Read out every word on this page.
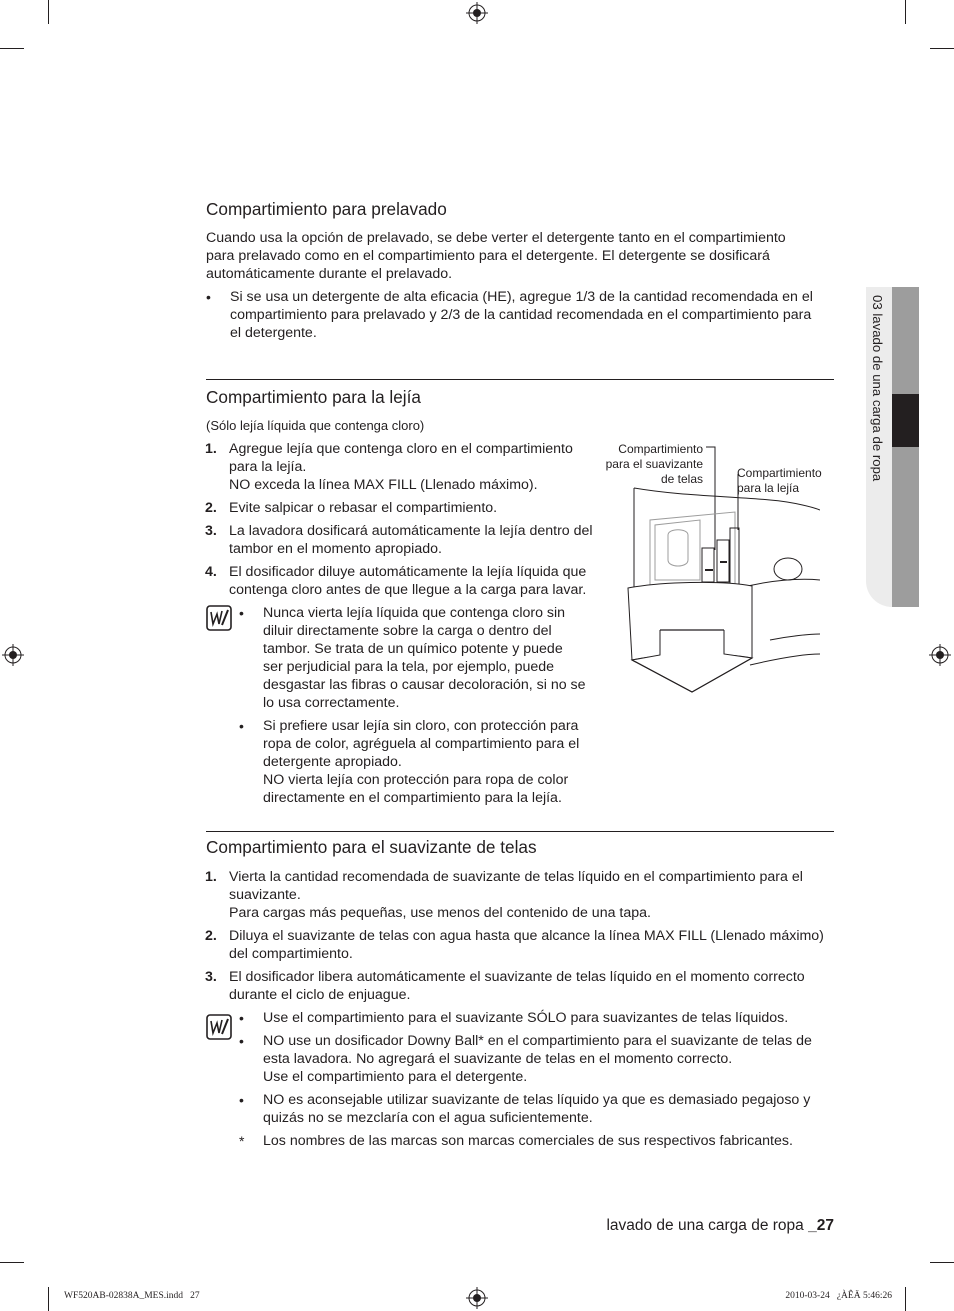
03 lavado de una carga de ropa
Compartimiento para prelavado
Cuando usa la opción de prelavado, se debe verter el detergente tanto en el compartimiento
para prelavado como en el compartimiento para el detergente. El detergente se dosificará
automáticamente durante el prelavado.
• Si se usa un detergente de alta eficacia (HE), agregue 1/3 de la cantidad recomendada en el
compartimiento para prelavado y 2/3 de la cantidad recomendada en el compartimiento para
el detergente.
Compartimiento para la lejía
(Sólo lejía líquida que contenga cloro)
1. Agregue lejía que contenga cloro en el compartimiento
para la lejía.
NO exceda la línea MAX FILL (Llenado máximo).
2. Evite salpicar o rebasar el compartimiento.
3. La lavadora dosificará automáticamente la lejía dentro del
tambor en el momento apropiado.
4. El dosificador diluye automáticamente la lejía líquida que
contenga cloro antes de que llegue a la carga para lavar.
• Nunca vierta lejía líquida que contenga cloro sin
diluir directamente sobre la carga o dentro del
tambor. Se trata de un químico potente y puede
ser perjudicial para la tela, por ejemplo, puede
desgastar las fibras o causar decoloración, si no se
lo usa correctamente.
• Si prefiere usar lejía sin cloro, con protección para
ropa de color, agréguela al compartimiento para el
detergente apropiado.
NO vierta lejía con protección para ropa de color
directamente en el compartimiento para la lejía.
Compartimiento
para el suavizante
de telas	Compartimiento
para la lejía
Compartimiento para el suavizante de telas
1. Vierta la cantidad recomendada de suavizante de telas líquido en el compartimiento para el
suavizante.
Para cargas más pequeñas, use menos del contenido de una tapa.
2. Diluya el suavizante de telas con agua hasta que alcance la línea MAX FILL (Llenado máximo)
del compartimiento.
3. El dosificador libera automáticamente el suavizante de telas líquido en el momento correcto
durante el ciclo de enjuague.
• Use el compartimiento para el suavizante SÓLO para suavizantes de telas líquidos.
• NO use un dosificador Downy Ball* en el compartimiento para el suavizante de telas de
esta lavadora. No agregará el suavizante de telas en el momento correcto.
Use el compartimiento para el detergente.
• NO es aconsejable utilizar suavizante de telas líquido ya que es demasiado pegajoso y
quizás no se mezclaría con el agua suficientemente.
* Los nombres de las marcas son marcas comerciales de sus respectivos fabricantes.
lavado de una carga de ropa _27
WF520AB-02838A_MES.indd   27	2010-03-24   ¿ÀÊÄ 5:46:26
